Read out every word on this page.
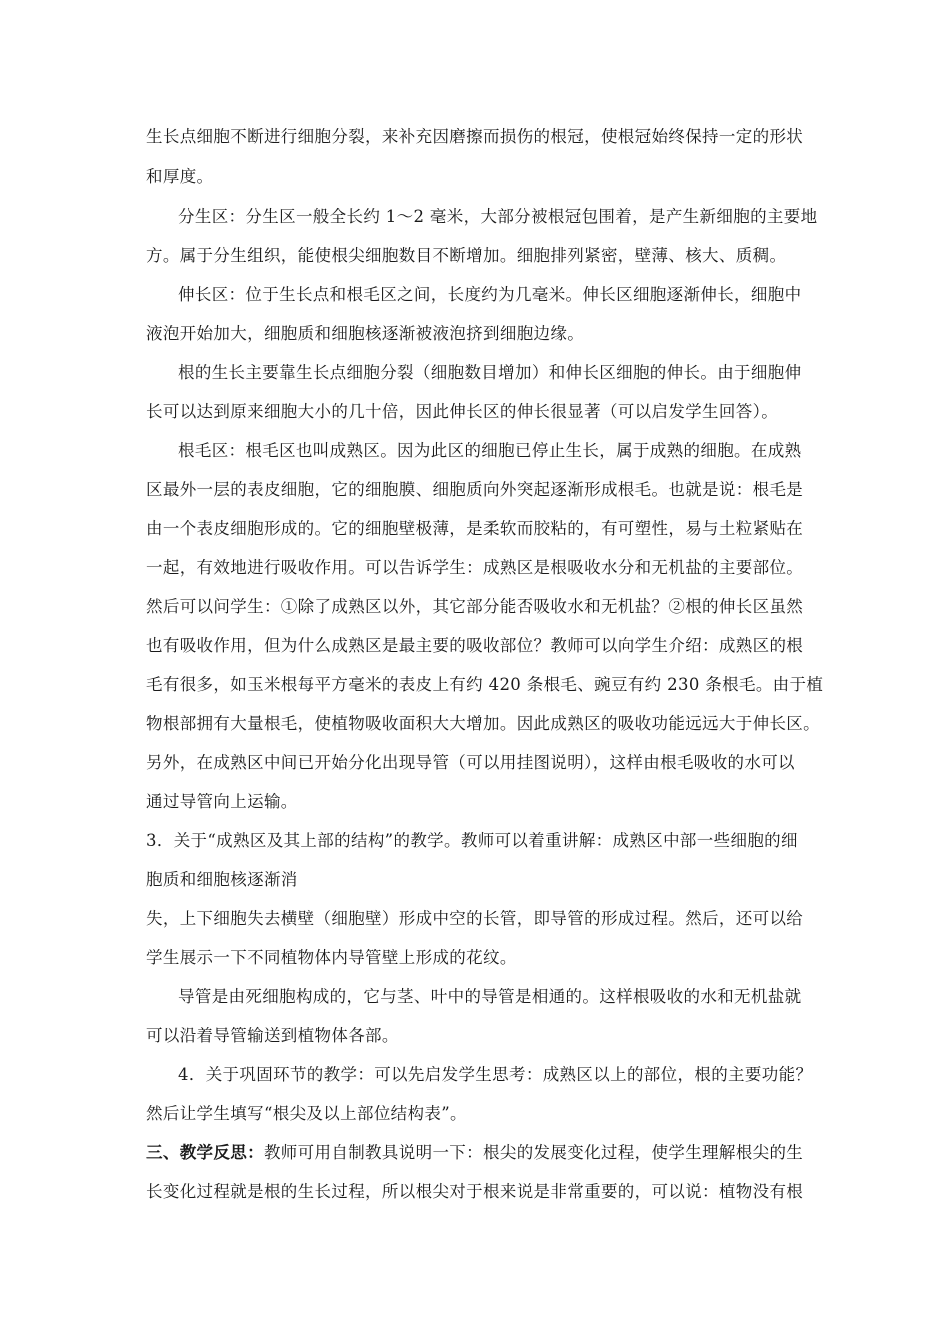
生长点细胞不断进行细胞分裂，来补充因磨擦而损伤的根冠，使根冠始终保持一定的形状
和厚度。
分生区：分生区一般全长约 1～2 毫米，大部分被根冠包围着，是产生新细胞的主要地
方。属于分生组织，能使根尖细胞数目不断增加。细胞排列紧密，壁薄、核大、质稠。
伸长区：位于生长点和根毛区之间，长度约为几毫米。伸长区细胞逐渐伸长，细胞中
液泡开始加大，细胞质和细胞核逐渐被液泡挤到细胞边缘。
根的生长主要靠生长点细胞分裂（细胞数目增加）和伸长区细胞的伸长。由于细胞伸
长可以达到原来细胞大小的几十倍，因此伸长区的伸长很显著（可以启发学生回答）。
根毛区：根毛区也叫成熟区。因为此区的细胞已停止生长，属于成熟的细胞。在成熟
区最外一层的表皮细胞，它的细胞膜、细胞质向外突起逐渐形成根毛。也就是说：根毛是
由一个表皮细胞形成的。它的细胞壁极薄，是柔软而胶粘的，有可塑性，易与土粒紧贴在
一起，有效地进行吸收作用。可以告诉学生：成熟区是根吸收水分和无机盐的主要部位。
然后可以问学生：①除了成熟区以外，其它部分能否吸收水和无机盐？②根的伸长区虽然
也有吸收作用，但为什么成熟区是最主要的吸收部位？教师可以向学生介绍：成熟区的根
毛有很多，如玉米根每平方毫米的表皮上有约 420 条根毛、豌豆有约 230 条根毛。由于植
物根部拥有大量根毛，使植物吸收面积大大增加。因此成熟区的吸收功能远远大于伸长区。
另外，在成熟区中间已开始分化出现导管（可以用挂图说明），这样由根毛吸收的水可以
通过导管向上运输。
3．关于“成熟区及其上部的结构”的教学。教师可以着重讲解：成熟区中部一些细胞的细
胞质和细胞核逐渐消
失，上下细胞失去横壁（细胞壁）形成中空的长管，即导管的形成过程。然后，还可以给
学生展示一下不同植物体内导管壁上形成的花纹。
导管是由死细胞构成的，它与茎、叶中的导管是相通的。这样根吸收的水和无机盐就
可以沿着导管输送到植物体各部。
4．关于巩固环节的教学：可以先启发学生思考：成熟区以上的部位，根的主要功能？
然后让学生填写“根尖及以上部位结构表”。
三、教学反思：教师可用自制教具说明一下：根尖的发展变化过程，使学生理解根尖的生
长变化过程就是根的生长过程，所以根尖对于根来说是非常重要的，可以说：植物没有根
